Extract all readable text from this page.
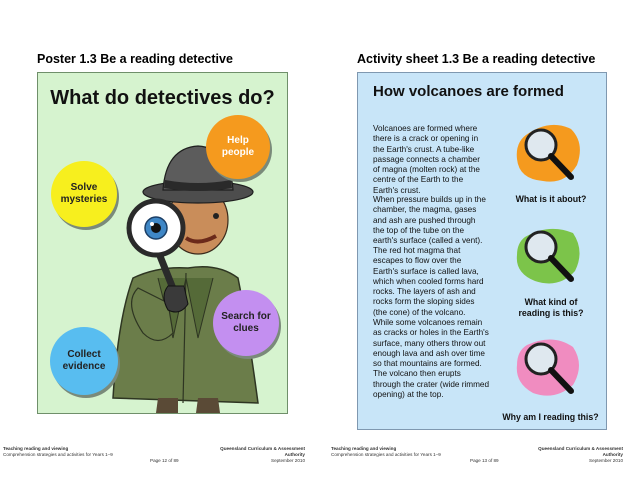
Poster 1.3 Be a reading detective
What do detectives do?
Help
people
Solve
mysteries
Search for
clues
Collect
evidence
Teaching reading and viewing
Comprehension strategies and activities for Years 1–9
Queensland Curriculum & Assessment Authority
September 2010
Page 12 of 89
Activity sheet 1.3 Be a reading detective
How volcanoes are formed
Volcanoes are formed where
there is a crack or opening in
the Earth's crust. A tube-like
passage connects a chamber
of magna (molten rock) at the
centre of the Earth to the
Earth's crust.
When pressure builds up in the
chamber, the magma, gases
and ash are pushed through
the top of the tube on the
earth's surface (called a vent).
The red hot magma that
escapes to flow over the
Earth's surface is called lava,
which when cooled forms hard
rocks. The layers of ash and
rocks form the sloping sides
(the cone) of the volcano.
While some volcanoes remain
as cracks or holes in the Earth's
surface, many others throw out
enough lava and ash over time
so that mountains are formed.
The volcano then erupts
through the crater (wide rimmed
opening) at the top.
What is it about?
What kind of
reading is this?
Why am I reading this?
Teaching reading and viewing
Comprehension strategies and activities for Years 1–9
Queensland Curriculum & Assessment Authority
September 2010
Page 13 of 89
